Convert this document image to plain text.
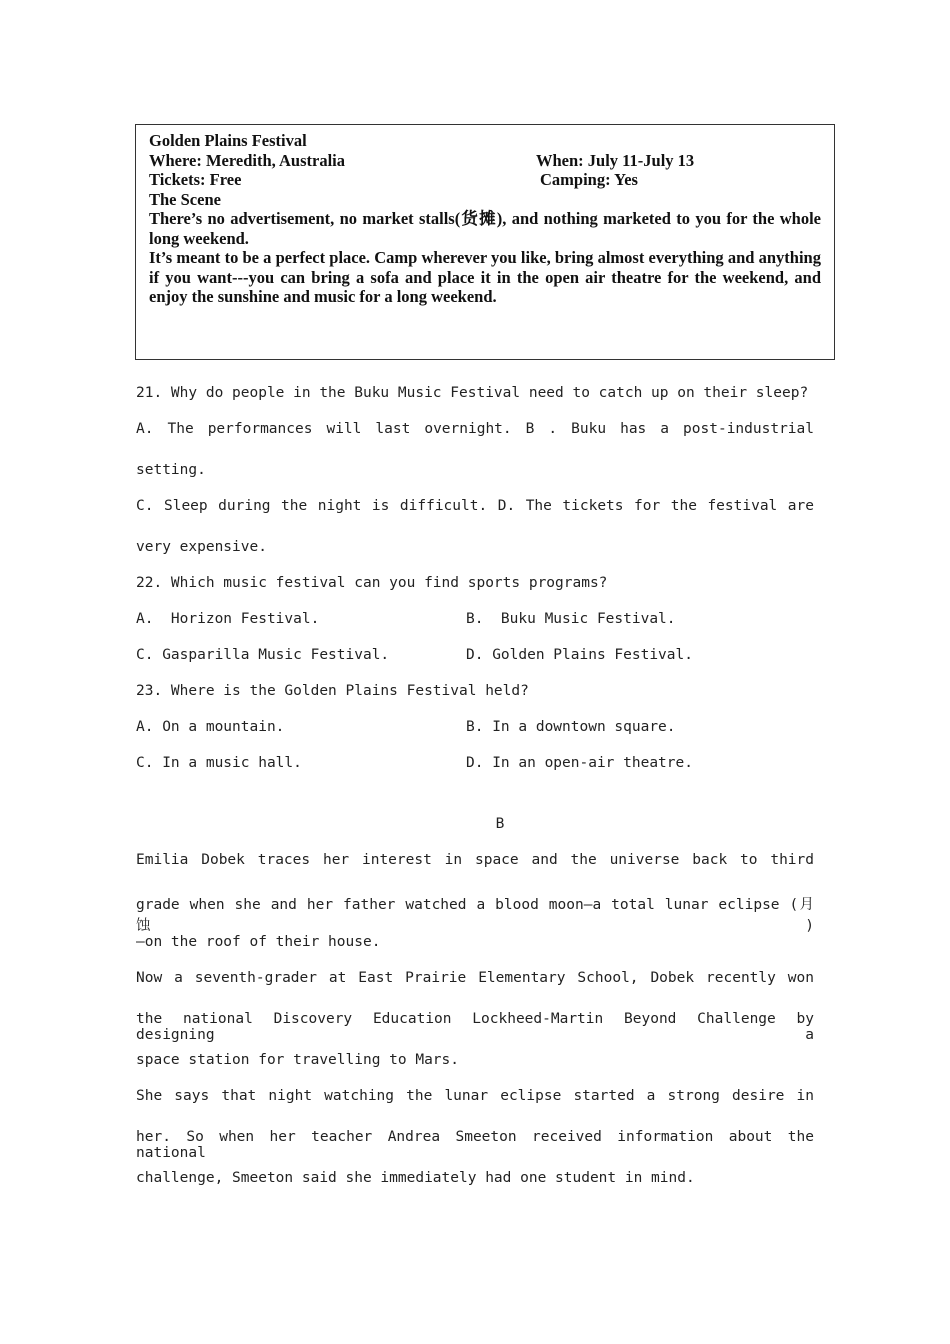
Golden Plains Festival
Where: Meredith, Australia	When: July 11-July 13
Tickets: Free	Camping: Yes
The Scene
There’s no advertisement, no market stalls(货摊), and nothing marketed to you for the whole long weekend.
It’s meant to be a perfect place. Camp wherever you like, bring almost everything and anything if you want---you can bring a sofa and place it in the open air theatre for the weekend, and enjoy the sunshine and music for a long weekend.
21. Why do people in the Buku Music Festival need to catch up on their sleep?
A. The performances will last overnight. B . Buku has a post-industrial
setting.
C. Sleep during the night is difficult. D. The tickets for the festival are
very expensive.
22. Which music festival can you find sports programs?
A.  Horizon Festival.	B.  Buku Music Festival.
C. Gasparilla Music Festival.	D. Golden Plains Festival.
23. Where is the Golden Plains Festival held?
A. On a mountain.	B. In a downtown square.
C. In a music hall.	D. In an open-air theatre.
B
Emilia Dobek traces her interest in space and the universe back to third
grade when she and her father watched a blood moon—a total lunar eclipse (月蚀)
—on the roof of their house.
Now a seventh-grader at East Prairie Elementary School, Dobek recently won
the national Discovery Education Lockheed-Martin Beyond Challenge by designing a
space station for travelling to Mars.
She says that night watching the lunar eclipse started a strong desire in
her. So when her teacher Andrea Smeeton received information about the national
challenge, Smeeton said she immediately had one student in mind.
